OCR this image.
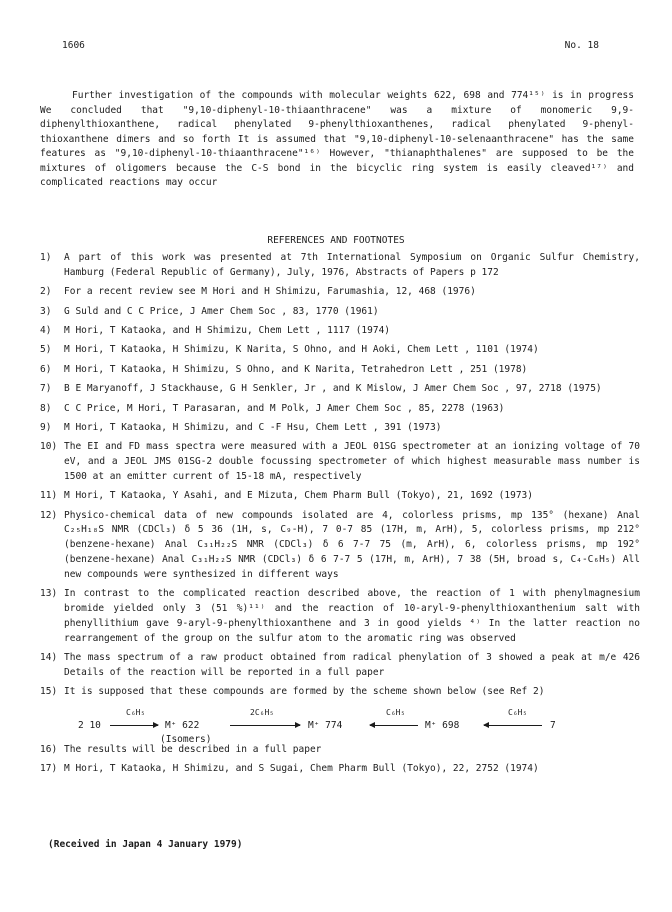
1606	No. 18

Further investigation of the compounds with molecular weights 622, 698 and 774¹⁵⁾ is in progress We concluded that "9,10-diphenyl-10-thiaanthracene" was a mixture of monomeric 9,9-diphenylthioxanthene, radical phenylated 9-phenylthioxanthenes, radical phenylated 9-phenyl-thioxanthene dimers and so forth It is assumed that "9,10-diphenyl-10-selenaanthracene" has the same features as "9,10-diphenyl-10-thiaanthracene"¹⁶⁾ However, "thianaphthalenes" are supposed to be the mixtures of oligomers because the C-S bond in the bicyclic ring system is easily cleaved¹⁷⁾ and complicated reactions may occur

REFERENCES AND FOOTNOTES
1) A part of this work was presented at 7th International Symposium on Organic Sulfur Chemistry, Hamburg (Federal Republic of Germany), July, 1976, Abstracts of Papers p 172
2) For a recent review see M Hori and H Shimizu, Farumashia, 12, 468 (1976)
3) G Suld and C C Price, J Amer Chem Soc , 83, 1770 (1961)
4) M Hori, T Kataoka, and H Shimizu, Chem Lett , 1117 (1974)
5) M Hori, T Kataoka, H Shimizu, K Narita, S Ohno, and H Aoki, Chem Lett , 1101 (1974)
6) M Hori, T Kataoka, H Shimizu, S Ohno, and K Narita, Tetrahedron Lett , 251 (1978)
7) B E Maryanoff, J Stackhause, G H Senkler, Jr , and K Mislow, J Amer Chem Soc , 97, 2718 (1975)
8) C C Price, M Hori, T Parasaran, and M Polk, J Amer Chem Soc , 85, 2278 (1963)
9) M Hori, T Kataoka, H Shimizu, and C -F Hsu, Chem Lett , 391 (1973)
10) The EI and FD mass spectra were measured with a JEOL 01SG spectrometer at an ionizing voltage of 70 eV, and a JEOL JMS 01SG-2 double focussing spectrometer of which highest measurable mass number is 1500 at an emitter current of 15-18 mA, respectively
11) M Hori, T Kataoka, Y Asahi, and E Mizuta, Chem Pharm Bull (Tokyo), 21, 1692 (1973)
12) Physico-chemical data of new compounds isolated are 4, colorless prisms, mp 135° (hexane) Anal C₂₅H₁₈S NMR (CDCl₃) δ 5 36 (1H, s, C₉-H), 7 0-7 85 (17H, m, ArH), 5, colorless prisms, mp 212° (benzene-hexane) Anal C₃₁H₂₂S NMR (CDCl₃) δ 6 7-7 75 (m, ArH), 6, colorless prisms, mp 192° (benzene-hexane) Anal C₃₁H₂₂S NMR (CDCl₃) δ 6 7-7 5 (17H, m, ArH), 7 38 (5H, broad s, C₄-C₆H₅) All new compounds were synthesized in different ways
13) In contrast to the complicated reaction described above, the reaction of 1 with phenylmagnesium bromide yielded only 3 (51 %)¹¹⁾ and the reaction of 10-aryl-9-phenylthioxanthenium salt with phenyllithium gave 9-aryl-9-phenylthioxanthene and 3 in good yields ⁴⁾ In the latter reaction no rearrangement of the group on the sulfur atom to the aromatic ring was observed
14) The mass spectrum of a raw product obtained from radical phenylation of 3 showed a peak at m/e 426 Details of the reaction will be reported in a full paper
15) It is supposed that these compounds are formed by the scheme shown below (see Ref 2)
2 10
C₆H₅
M⁺ 622
(Isomers)
2C₆H₅
M⁺ 774
C₆H₅
M⁺ 698
C₆H₅
7
16) The results will be described in a full paper
17) M Hori, T Kataoka, H Shimizu, and S Sugai, Chem Pharm Bull (Tokyo), 22, 2752 (1974)
(Received in Japan 4 January 1979)
